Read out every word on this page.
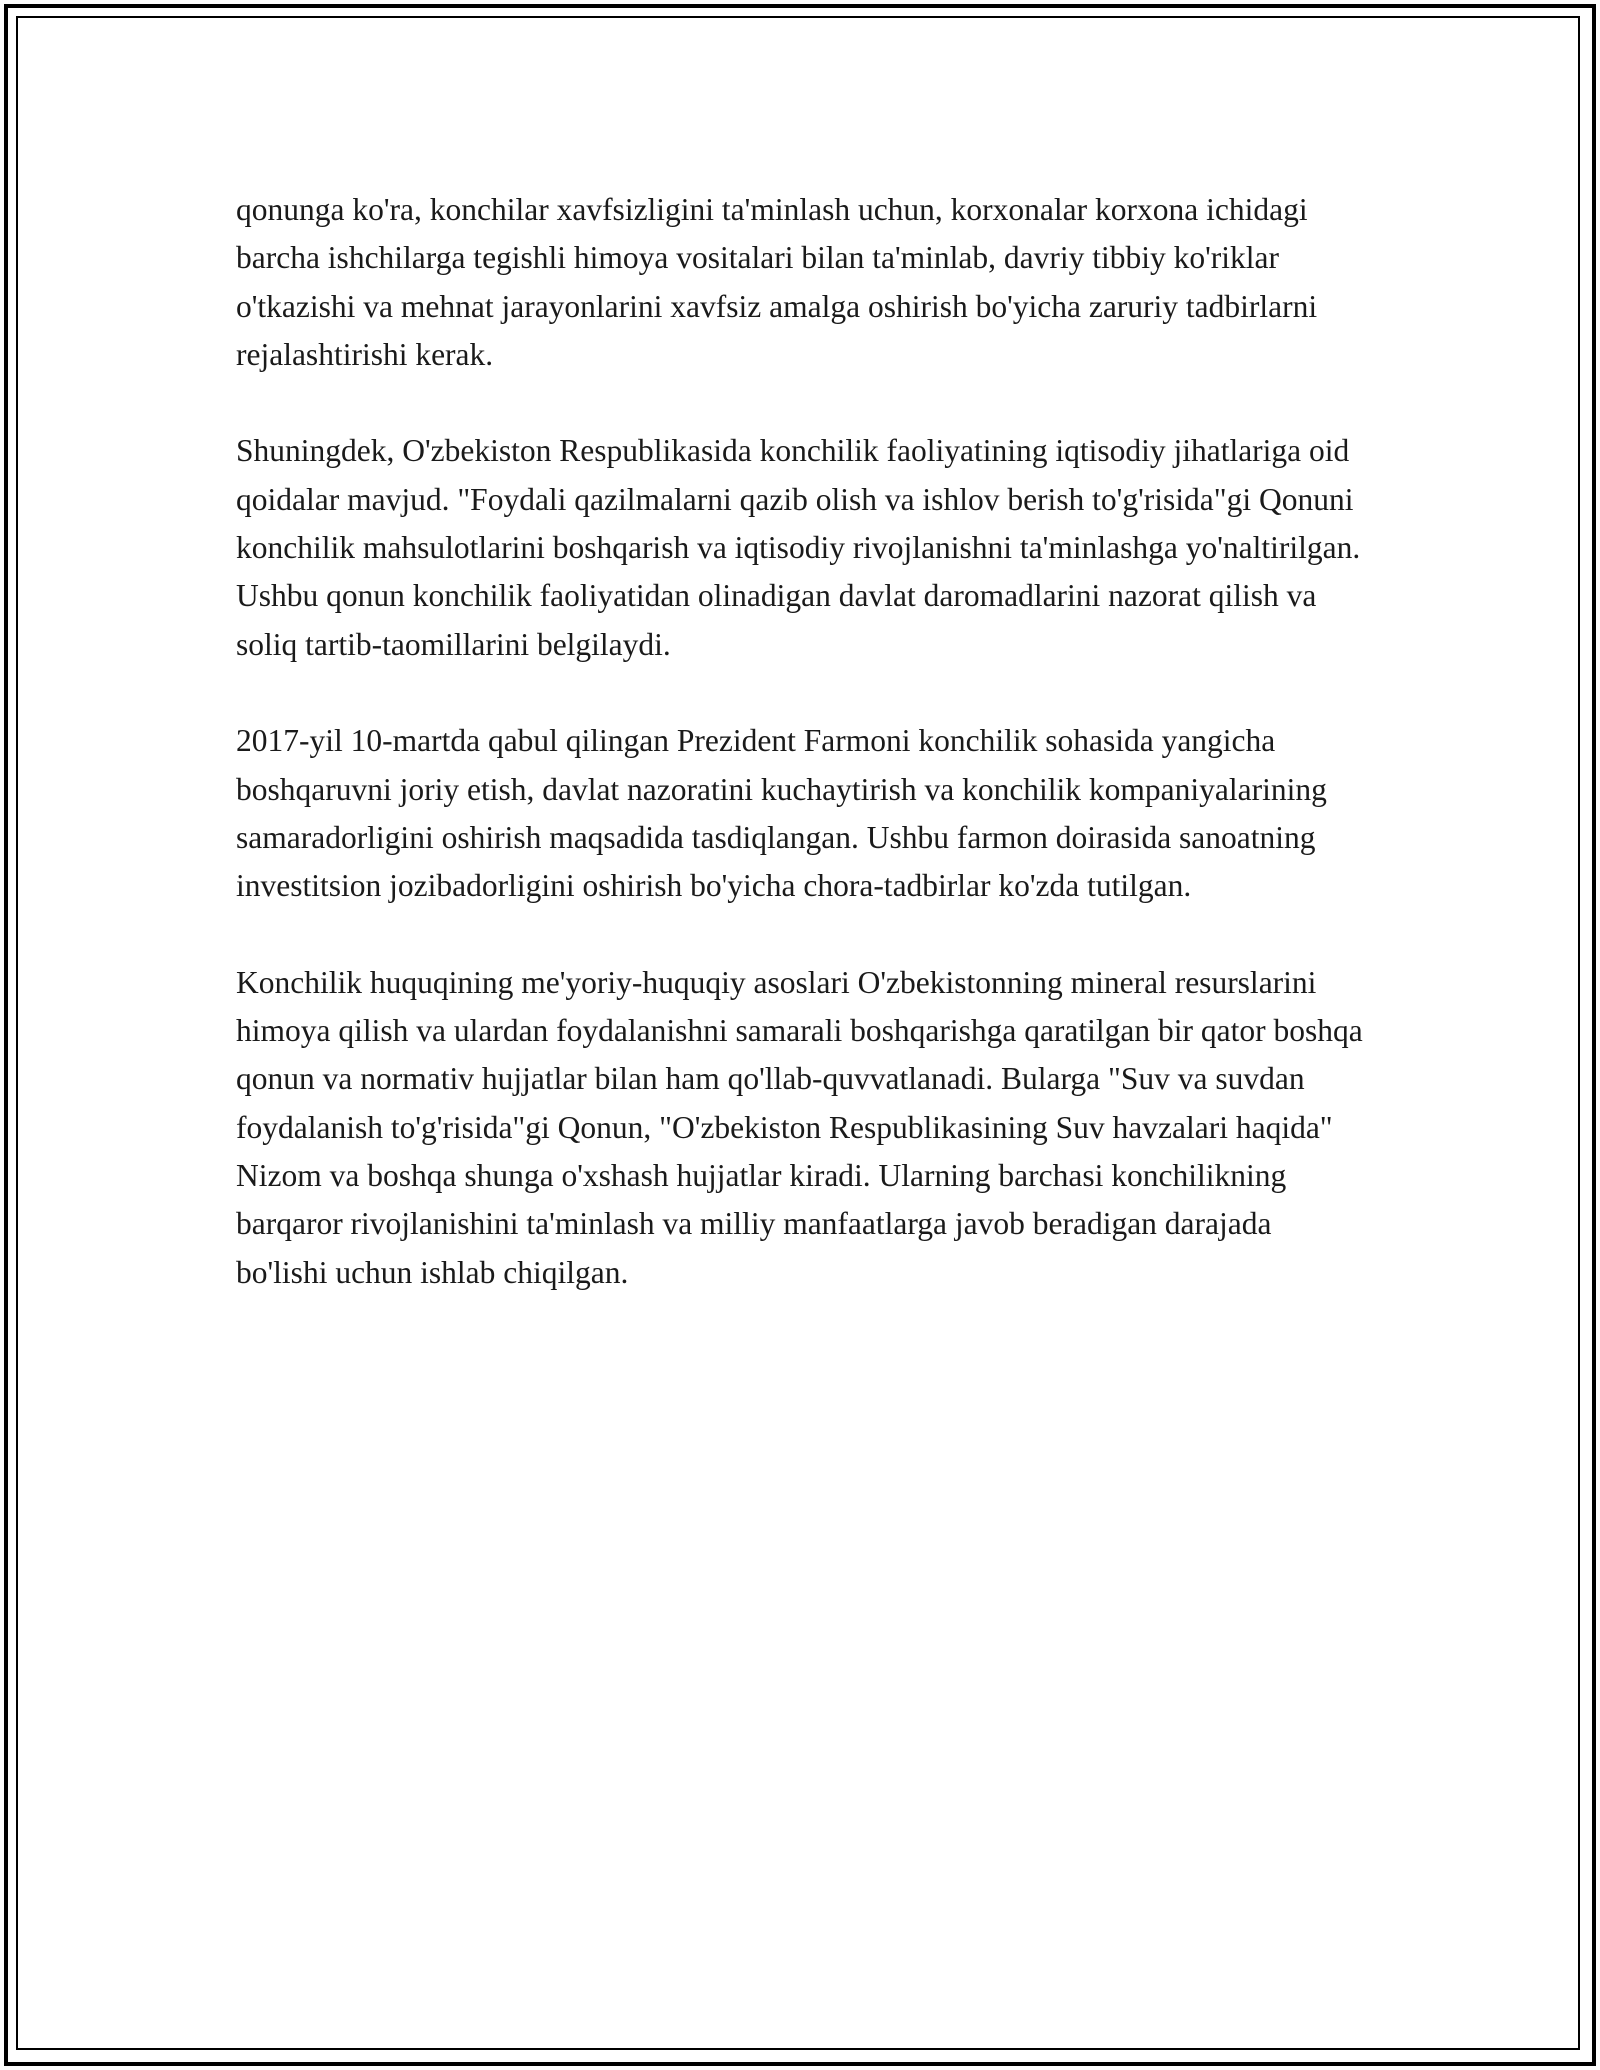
qonunga ko'ra, konchilar xavfsizligini ta'minlash uchun, korxonalar korxona ichidagi barcha ishchilarga tegishli himoya vositalari bilan ta'minlab, davriy tibbiy ko'riklar o'tkazishi va mehnat jarayonlarini xavfsiz amalga oshirish bo'yicha zaruriy tadbirlarni rejalashtirishi kerak.

Shuningdek, O'zbekiston Respublikasida konchilik faoliyatining iqtisodiy jihatlariga oid qoidalar mavjud. "Foydali qazilmalarni qazib olish va ishlov berish to'g'risida"gi Qonuni konchilik mahsulotlarini boshqarish va iqtisodiy rivojlanishni ta'minlashga yo'naltirilgan. Ushbu qonun konchilik faoliyatidan olinadigan davlat daromadlarini nazorat qilish va soliq tartib-taomillarini belgilaydi.

2017-yil 10-martda qabul qilingan Prezident Farmoni konchilik sohasida yangicha boshqaruvni joriy etish, davlat nazoratini kuchaytirish va konchilik kompaniyalarining samaradorligini oshirish maqsadida tasdiqlangan. Ushbu farmon doirasida sanoatning investitsion jozibadorligini oshirish bo'yicha chora-tadbirlar ko'zda tutilgan.

Konchilik huquqining me'yoriy-huquqiy asoslari O'zbekistonning mineral resurslarini himoya qilish va ulardan foydalanishni samarali boshqarishga qaratilgan bir qator boshqa qonun va normativ hujjatlar bilan ham qo'llab-quvvatlanadi. Bularga "Suv va suvdan foydalanish to'g'risida"gi Qonun, "O'zbekiston Respublikasining Suv havzalari haqida" Nizom va boshqa shunga o'xshash hujjatlar kiradi. Ularning barchasi konchilikning barqaror rivojlanishini ta'minlash va milliy manfaatlarga javob beradigan darajada bo'lishi uchun ishlab chiqilgan.
